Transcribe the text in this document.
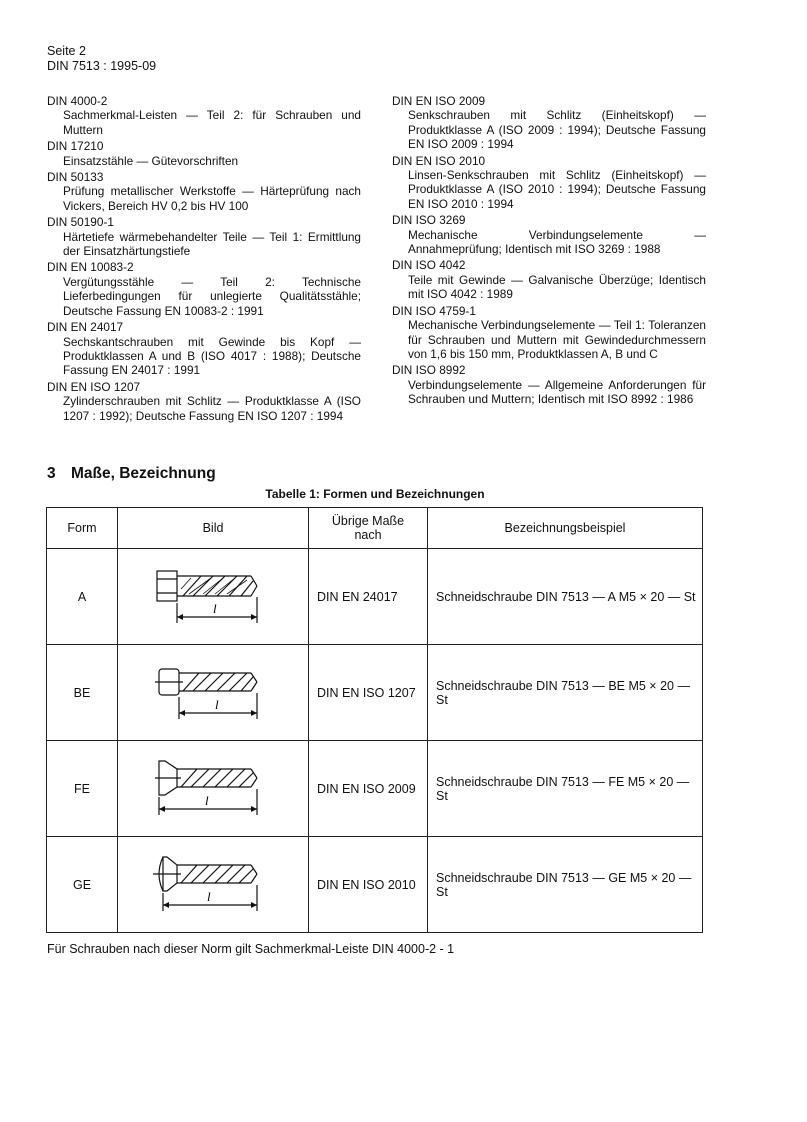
Seite 2
DIN 7513 : 1995-09
DIN 4000-2
Sachmerkmal-Leisten — Teil 2: für Schrauben und Muttern
DIN 17210
Einsatzstähle — Gütevorschriften
DIN 50133
Prüfung metallischer Werkstoffe — Härteprüfung nach Vickers, Bereich HV 0,2 bis HV 100
DIN 50190-1
Härtetiefe wärmebehandelter Teile — Teil 1: Ermittlung der Einsatzhärtungstiefe
DIN EN 10083-2
Vergütungsstähle — Teil 2: Technische Lieferbedingungen für unlegierte Qualitätsstähle; Deutsche Fassung EN 10083-2 : 1991
DIN EN 24017
Sechskantschrauben mit Gewinde bis Kopf — Produktklassen A und B (ISO 4017 : 1988); Deutsche Fassung EN 24017 : 1991
DIN EN ISO 1207
Zylinderschrauben mit Schlitz — Produktklasse A (ISO 1207 : 1992); Deutsche Fassung EN ISO 1207 : 1994
DIN EN ISO 2009
Senkschrauben mit Schlitz (Einheitskopf) — Produktklasse A (ISO 2009 : 1994); Deutsche Fassung EN ISO 2009 : 1994
DIN EN ISO 2010
Linsen-Senkschrauben mit Schlitz (Einheitskopf) — Produktklasse A (ISO 2010 : 1994); Deutsche Fassung EN ISO 2010 : 1994
DIN ISO 3269
Mechanische Verbindungselemente — Annahmeprüfung; Identisch mit ISO 3269 : 1988
DIN ISO 4042
Teile mit Gewinde — Galvanische Überzüge; Identisch mit ISO 4042 : 1989
DIN ISO 4759-1
Mechanische Verbindungselemente — Teil 1: Toleranzen für Schrauben und Muttern mit Gewindedurchmessern von 1,6 bis 150 mm, Produktklassen A, B und C
DIN ISO 8992
Verbindungselemente — Allgemeine Anforderungen für Schrauben und Muttern; Identisch mit ISO 8992 : 1986
3 Maße, Bezeichnung
Tabelle 1: Formen und Bezeichnungen
Form	Bild	Übrige Maße nach	Bezeichnungsbeispiel
A	l	DIN EN 24017	Schneidschraube DIN 7513 — A M5 × 20 — St
BE	l	DIN EN ISO 1207	Schneidschraube DIN 7513 — BE M5 × 20 — St
FE	l	DIN EN ISO 2009	Schneidschraube DIN 7513 — FE M5 × 20 — St
GE	l	DIN EN ISO 2010	Schneidschraube DIN 7513 — GE M5 × 20 — St
Für Schrauben nach dieser Norm gilt Sachmerkmal-Leiste DIN 4000-2 - 1
